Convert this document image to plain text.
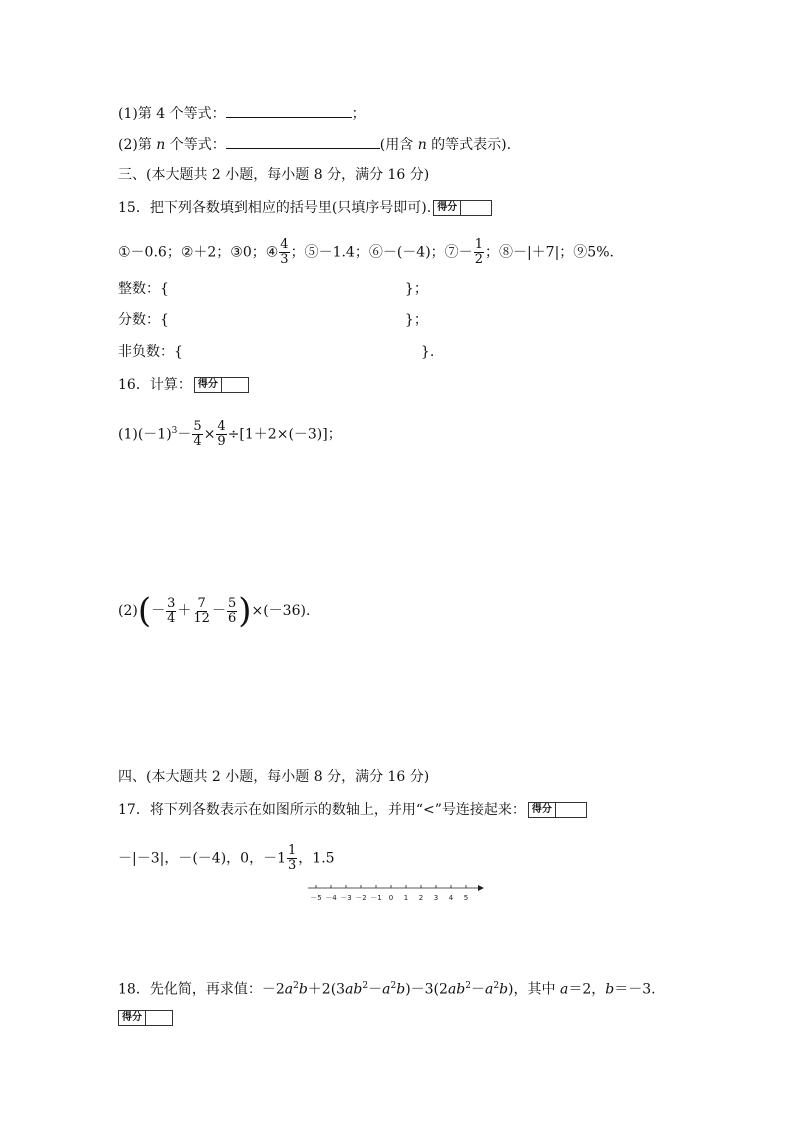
(1)第 4 个等式：	；
(2)第 n 个等式：	(用含 n 的等式表示).
三、(本大题共 2 小题，每小题 8 分，满分 16 分)
15．把下列各数填到相应的括号里(只填序号即可). 得分
①－0.6；②＋2；③0；④ $\frac{4}{3}$ ；⑤－1.4；⑥－(－4)；⑦－ $\frac{1}{2}$ ；⑧－|＋7|；⑨5%.
整数：{	}；
分数：{	}；
非负数：{	}.
16．计算： 得分
$(1)(-1)^3- \frac{5}{4} \times \frac{4}{9} \div[1+2\times(-3)]$；
$(2)(- \frac{3}{4} + \frac{7}{12} - \frac{5}{6} )\times(-36)$.
四、(本大题共 2 小题，每小题 8 分，满分 16 分)
17．将下列各数表示在如图所示的数轴上，并用“<”号连接起来： 得分
－|－3|，－(－4)，0，$-1 \frac{1}{3}$ ，1.5
－5 －4 －3 －2 －1 0 1 2 3 4 5
18．先化简，再求值：$-2a^2b+2(3ab^2-a^2b)-3(2ab^2-a^2b)$，其中 a＝2，b＝－3.
得分
